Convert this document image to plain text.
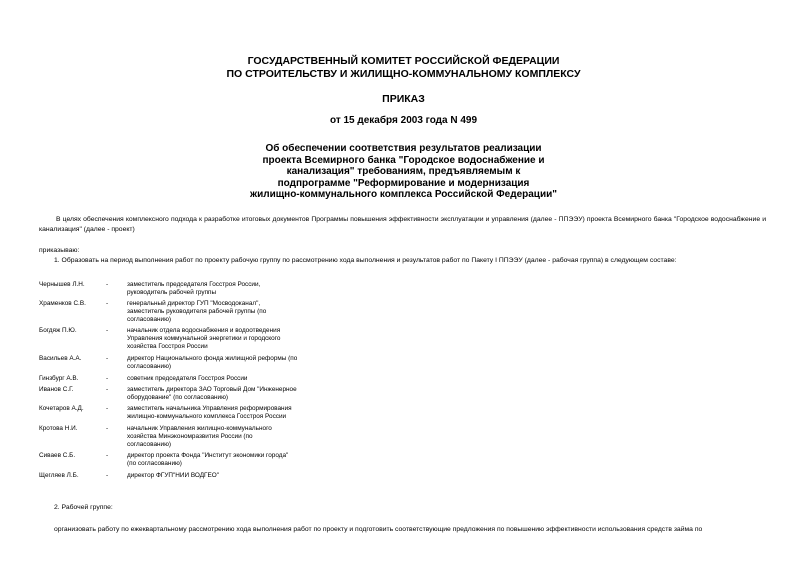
ГОСУДАРСТВЕННЫЙ КОМИТЕТ РОССИЙСКОЙ ФЕДЕРАЦИИ
ПО СТРОИТЕЛЬСТВУ И ЖИЛИЩНО-КОММУНАЛЬНОМУ КОМПЛЕКСУ
ПРИКАЗ
от 15 декабря 2003 года N 499
Об обеспечении соответствия результатов реализации
проекта Всемирного банка "Городское водоснабжение и
канализация" требованиям, предъявляемым к
подпрограмме "Реформирование и модернизация
жилищно-коммунального комплекса Российской Федерации"
В целях обеспечения комплексного подхода к разработке итоговых документов Программы повышения эффективности эксплуатации и управления (далее - ППЭЭУ) проекта Всемирного банка "Городское водоснабжение и канализация" (далее - проект)
приказываю:
1. Образовать на период выполнения работ по проекту рабочую группу по рассмотрению хода выполнения и результатов работ по Пакету I ППЭЭУ (далее - рабочая группа) в следующем составе:
Чернышев Л.Н.	-	заместитель председателя Госстроя России,
руководитель рабочей группы
Храменков С.В.	-	генеральный директор ГУП "Мосводоканал",
заместитель руководителя рабочей группы (по
согласованию)
Богдяж П.Ю.	-	начальник отдела водоснабжения и водоотведения
Управления коммунальной энергетики и городского
хозяйства Госстроя России
Васильев А.А.	-	директор Национального фонда жилищной реформы (по
согласованию)
Гинзбург А.В.	-	советник председателя Госстроя России
Иванов С.Г.	-	заместитель директора ЗАО Торговый Дом "Инженерное
оборудование" (по согласованию)
Кочетаров А.Д.	-	заместитель начальника Управления реформирования
жилищно-коммунального комплекса Госстроя России
Кротова Н.И.	-	начальник Управления жилищно-коммунального
хозяйства Минэкономразвития России (по
согласованию)
Сиваев С.Б.	-	директор проекта Фонда "Институт экономики города"
(по согласованию)
Щегляев Л.Б.	-	директор ФГУП"НИИ ВОДГЕО"
2. Рабочей группе:
организовать работу по ежеквартальному рассмотрению хода выполнения работ по проекту и подготовить соответствующие предложения по повышению эффективности использования средств займа по
